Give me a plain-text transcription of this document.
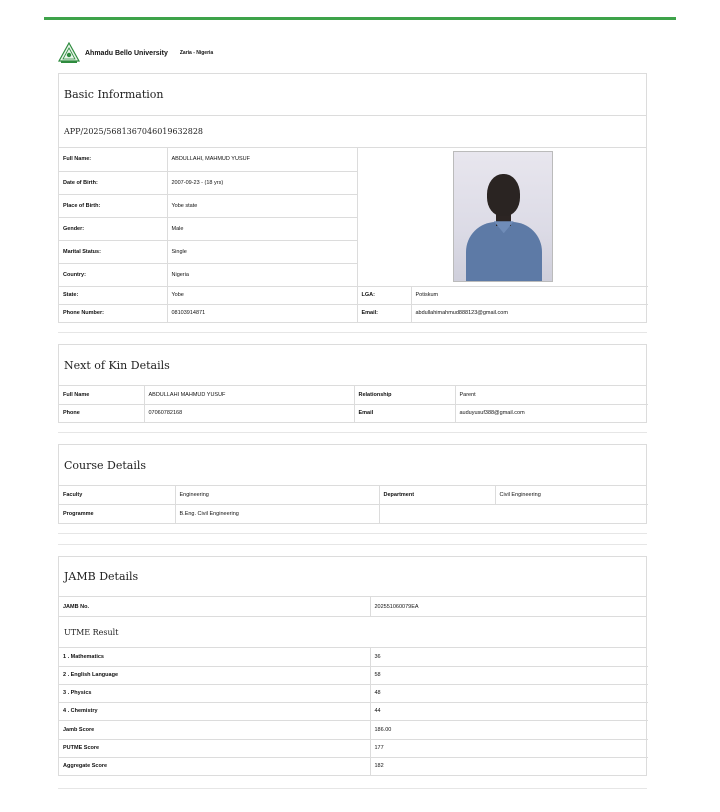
Ahmadu Bello University Zaria - Nigeria
Basic Information
APP/2025/5681367046019632828
Full Name:	ABDULLAHI, MAHMUD YUSUF		

Date of Birth:	2007-09-23 - (18 yrs)		
Place of Birth:	Yobe state		
Gender:	Male		
Marital Status:	Single		
Country:	Nigeria		
State:	Yobe	LGA:	Potiskum
Phone Number:	08103914871	Email:	abdullahimahmud888123@gmail.com
Next of Kin Details
Full Name	ABDULLAHI MAHMUD YUSUF	Relationship	Parent
Phone	07060782168	Email	auduyusuf388@gmail.com
Course Details
Faculty	Engineering	Department	Civil Engineering
Programme	B.Eng. Civil Engineering		
JAMB Details
JAMB No.	202551060079EA
UTME Result
1 . Mathematics	36
2 . English Language	58
3 . Physics	48
4 . Chemistry	44
Jamb Score	186.00
PUTME Score	177
Aggregate Score	182
